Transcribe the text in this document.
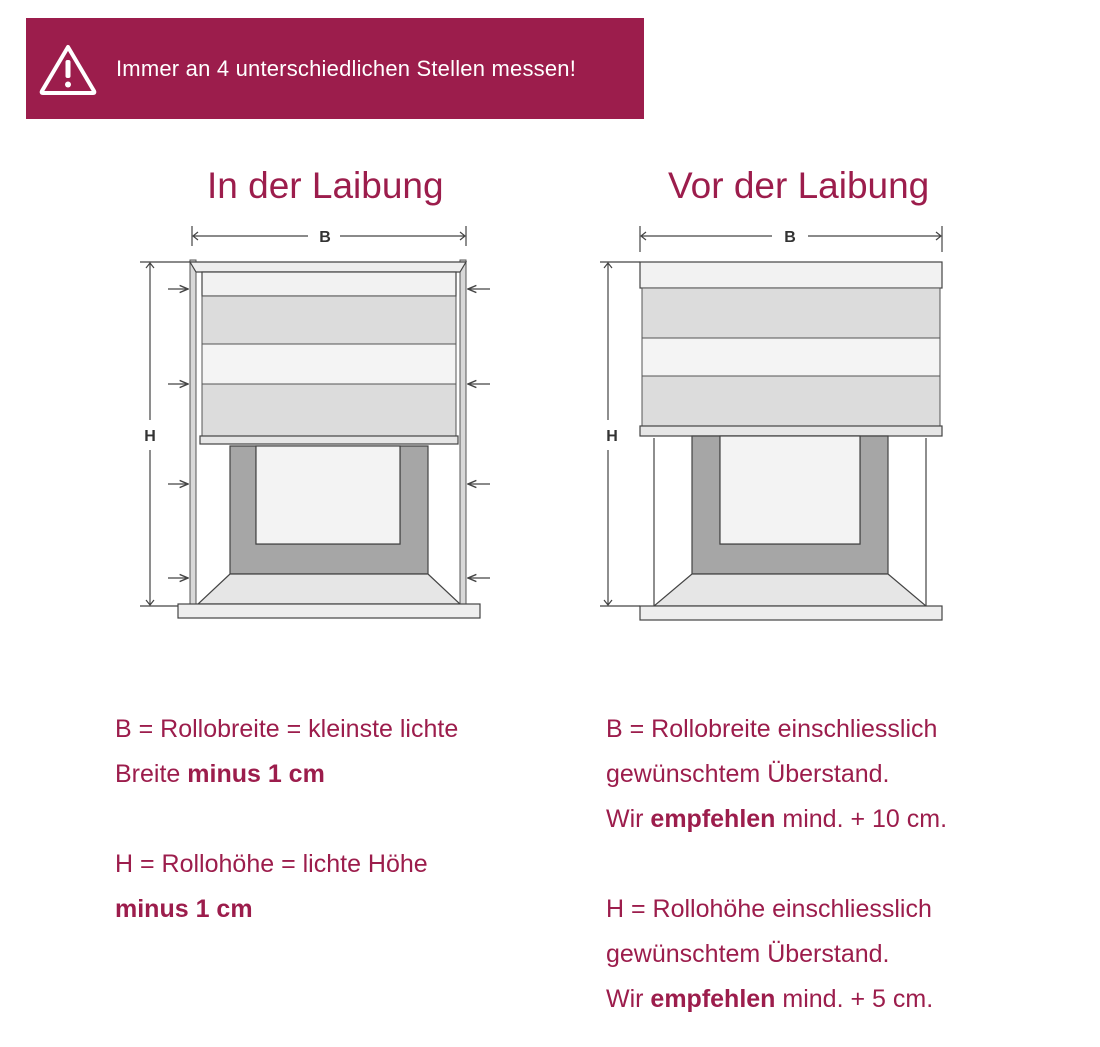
Immer an 4 unterschiedlichen Stellen messen!
In der Laibung	Vor der Laibung
B
H
B
H

B = Rollobreite = kleinste lichte

Breite minus 1 cm

H = Rollohöhe = lichte Höhe

minus 1 cm

B = Rollobreite einschliesslich

gewünschtem Überstand.

Wir empfehlen mind. + 10 cm.

H = Rollohöhe einschliesslich

gewünschtem Überstand.

Wir empfehlen mind. + 5 cm.
